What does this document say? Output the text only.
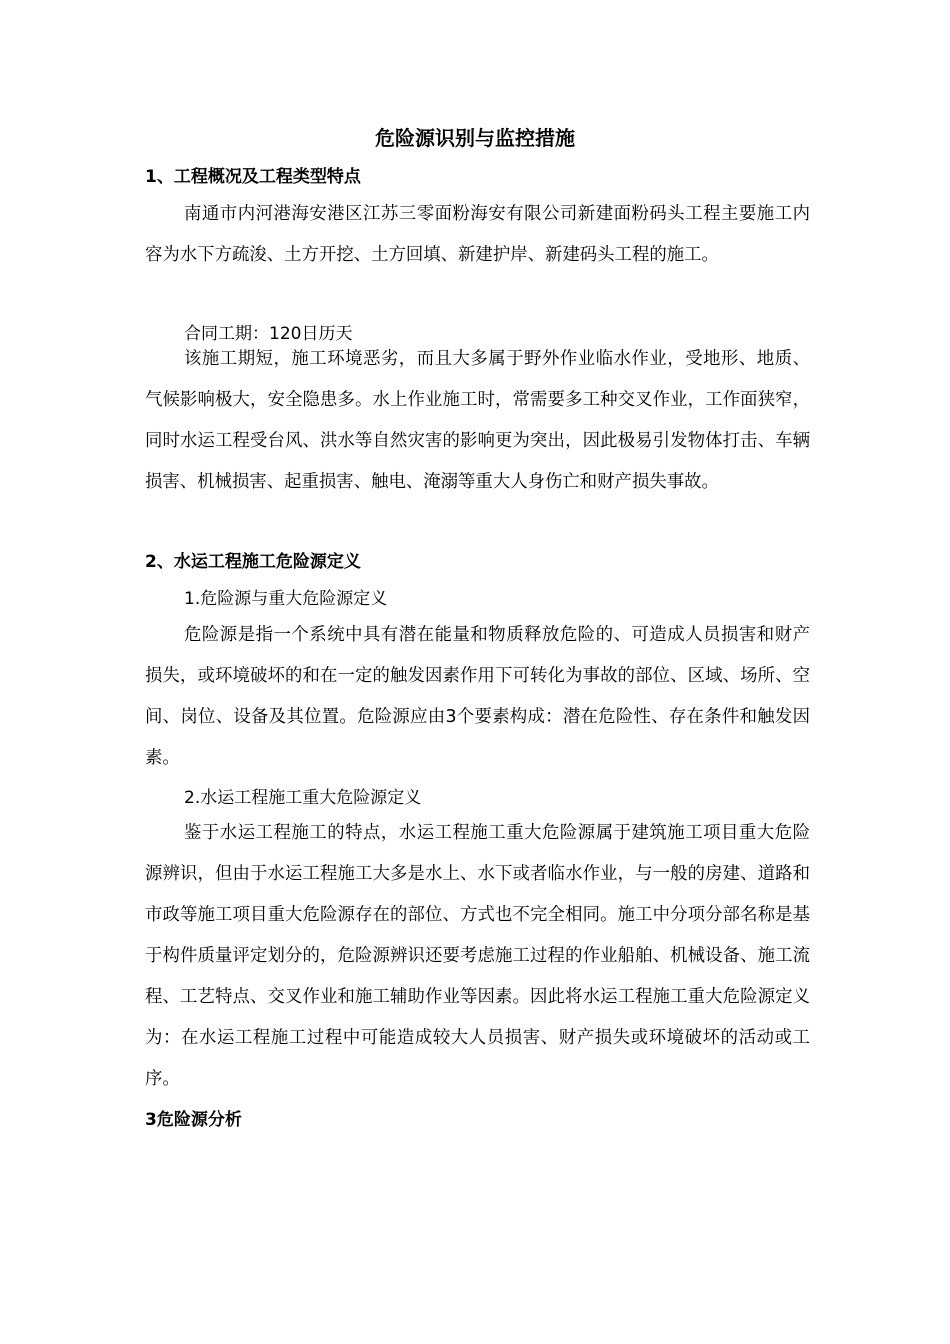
危险源识别与监控措施
1、工程概况及工程类型特点

南通市内河港海安港区江苏三零面粉海安有限公司新建面粉码头工程主要施工内容为水下方疏浚、土方开挖、土方回填、新建护岸、新建码头工程的施工。

合同工期：120日历天

该施工期短，施工环境恶劣，而且大多属于野外作业临水作业，受地形、地质、气候影响极大，安全隐患多。水上作业施工时，常需要多工种交叉作业，工作面狭窄，同时水运工程受台风、洪水等自然灾害的影响更为突出，因此极易引发物体打击、车辆损害、机械损害、起重损害、触电、淹溺等重大人身伤亡和财产损失事故。

2、水运工程施工危险源定义
1.危险源与重大危险源定义

危险源是指一个系统中具有潜在能量和物质释放危险的、可造成人员损害和财产损失，或环境破坏的和在一定的触发因素作用下可转化为事故的部位、区域、场所、空间、岗位、设备及其位置。危险源应由3个要素构成：潜在危险性、存在条件和触发因素。

2.水运工程施工重大危险源定义

鉴于水运工程施工的特点，水运工程施工重大危险源属于建筑施工项目重大危险源辨识，但由于水运工程施工大多是水上、水下或者临水作业，与一般的房建、道路和市政等施工项目重大危险源存在的部位、方式也不完全相同。施工中分项分部名称是基于构件质量评定划分的，危险源辨识还要考虑施工过程的作业船舶、机械设备、施工流程、工艺特点、交叉作业和施工辅助作业等因素。因此将水运工程施工重大危险源定义为：在水运工程施工过程中可能造成较大人员损害、财产损失或环境破坏的活动或工序。

3危险源分析
